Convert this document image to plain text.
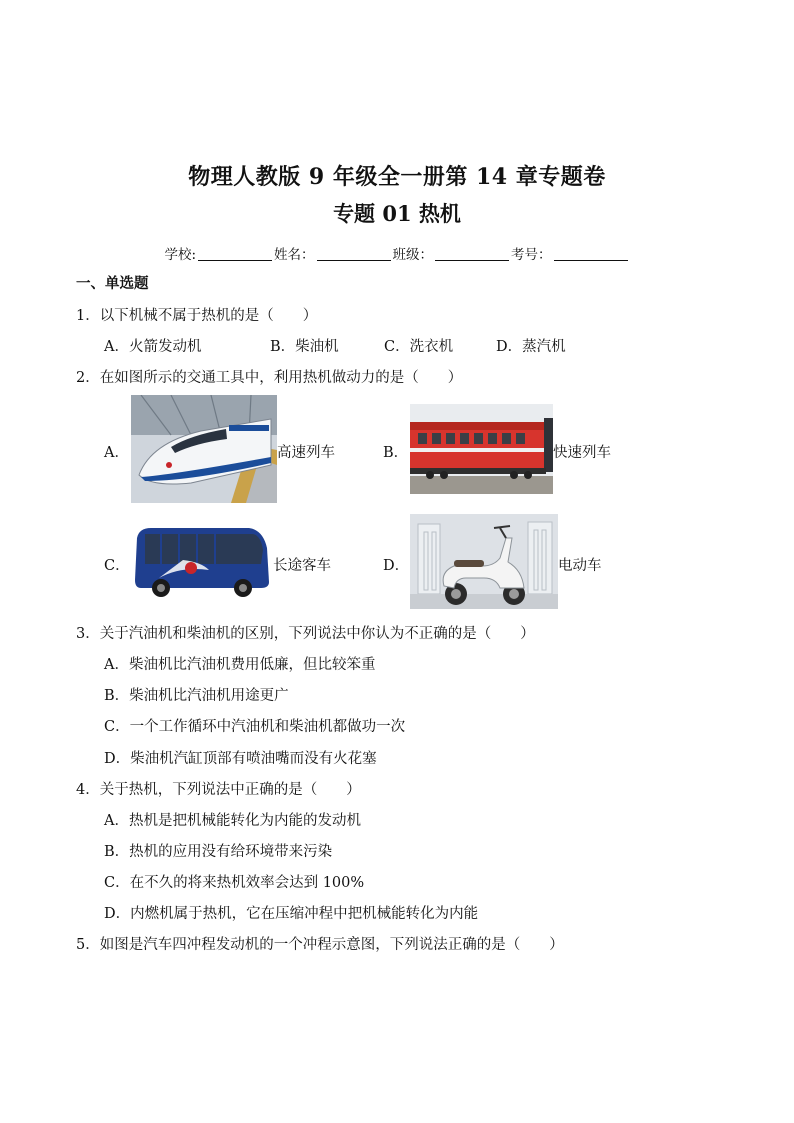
物理人教版 9 年级全一册第 14 章专题卷
专题 01 热机
学校:	姓名：	班级：	考号：
一、单选题
1．以下机械不属于热机的是（　　）
A．火箭发动机	B．柴油机	C．洗衣机	D．蒸汽机
2．在如图所示的交通工具中，利用热机做动力的是（　　）
A．	高速列车	B．	快速列车
C．	长途客车	D．	电动车
3．关于汽油机和柴油机的区别，下列说法中你认为不正确的是（　　）
A．柴油机比汽油机费用低廉，但比较笨重
B．柴油机比汽油机用途更广
C．一个工作循环中汽油机和柴油机都做功一次
D．柴油机汽缸顶部有喷油嘴而没有火花塞
4．关于热机，下列说法中正确的是（　　）
A．热机是把机械能转化为内能的发动机
B．热机的应用没有给环境带来污染
C．在不久的将来热机效率会达到 100%
D．内燃机属于热机，它在压缩冲程中把机械能转化为内能
5．如图是汽车四冲程发动机的一个冲程示意图，下列说法正确的是（　　）
